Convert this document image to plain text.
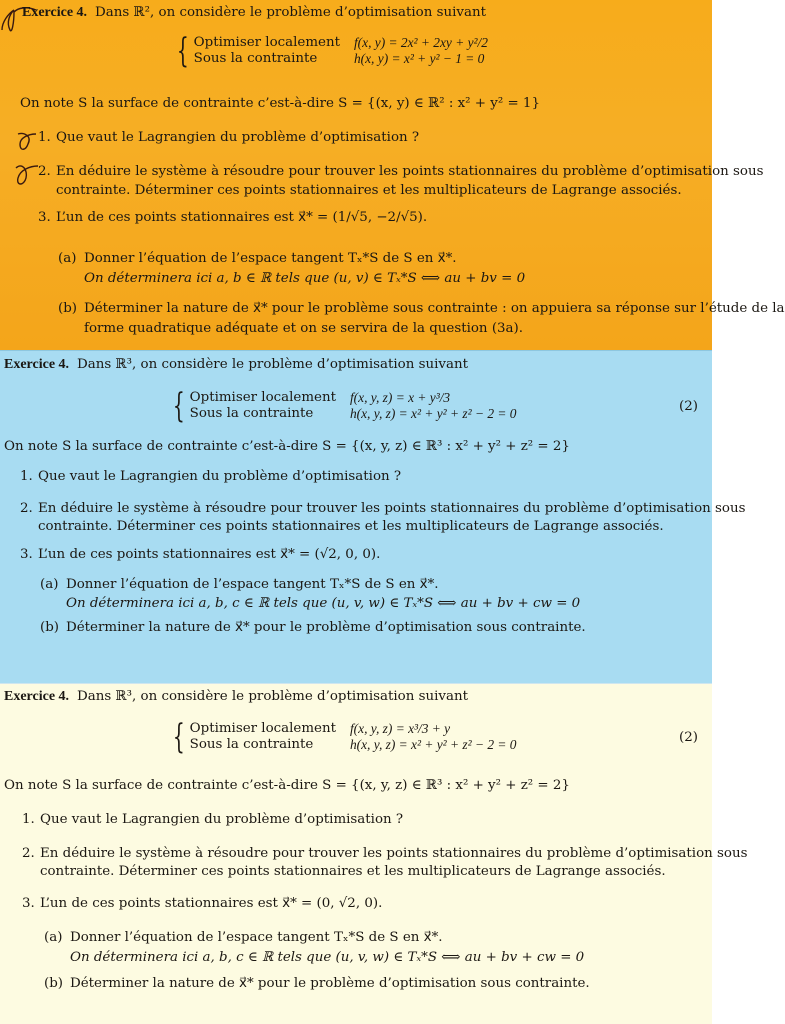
Exercice 4. Dans ℝ², on considère le problème d’optimisation suivant
{ Optimiser localement f(x, y) = 2x² + 2xy + y²/2
Sous la contrainte	h(x, y) = x² + y² − 1 = 0
On note S la surface de contrainte c’est-à-dire S = {(x, y) ∈ ℝ² : x² + y² = 1}
1. Que vaut le Lagrangien du problème d’optimisation ?
2. En déduire le système à résoudre pour trouver les points stationnaires du problème d’optimisation sous
contrainte. Déterminer ces points stationnaires et les multiplicateurs de Lagrange associés.
3. L’un de ces points stationnaires est x⃗* = (1/√5, −2/√5).
(a) Donner l’équation de l’espace tangent Tₓ*S de S en x⃗*.
On déterminera ici a, b ∈ ℝ tels que (u, v) ∈ Tₓ*S ⟺ au + bv = 0
(b) Déterminer la nature de x⃗* pour le problème sous contrainte : on appuiera sa réponse sur l’étude de la
forme quadratique adéquate et on se servira de la question (3a).
Exercice 4. Dans ℝ³, on considère le problème d’optimisation suivant
{ Optimiser localement f(x, y, z) = x + y³/3
Sous la contrainte	h(x, y, z) = x² + y² + z² − 2 = 0	(2)
On note S la surface de contrainte c’est-à-dire S = {(x, y, z) ∈ ℝ³ : x² + y² + z² = 2}
1. Que vaut le Lagrangien du problème d’optimisation ?
2. En déduire le système à résoudre pour trouver les points stationnaires du problème d’optimisation sous
contrainte. Déterminer ces points stationnaires et les multiplicateurs de Lagrange associés.
3. L’un de ces points stationnaires est x⃗* = (√2, 0, 0).
(a) Donner l’équation de l’espace tangent Tₓ*S de S en x⃗*.
On déterminera ici a, b, c ∈ ℝ tels que (u, v, w) ∈ Tₓ*S ⟺ au + bv + cw = 0
(b) Déterminer la nature de x⃗* pour le problème d’optimisation sous contrainte.
Exercice 4. Dans ℝ³, on considère le problème d’optimisation suivant
{ Optimiser localement f(x, y, z) = x³/3 + y
Sous la contrainte	h(x, y, z) = x² + y² + z² − 2 = 0	(2)
On note S la surface de contrainte c’est-à-dire S = {(x, y, z) ∈ ℝ³ : x² + y² + z² = 2}
1. Que vaut le Lagrangien du problème d’optimisation ?
2. En déduire le système à résoudre pour trouver les points stationnaires du problème d’optimisation sous
contrainte. Déterminer ces points stationnaires et les multiplicateurs de Lagrange associés.
3. L’un de ces points stationnaires est x⃗* = (0, √2, 0).
(a) Donner l’équation de l’espace tangent Tₓ*S de S en x⃗*.
On déterminera ici a, b, c ∈ ℝ tels que (u, v, w) ∈ Tₓ*S ⟺ au + bv + cw = 0
(b) Déterminer la nature de x⃗* pour le problème d’optimisation sous contrainte.
